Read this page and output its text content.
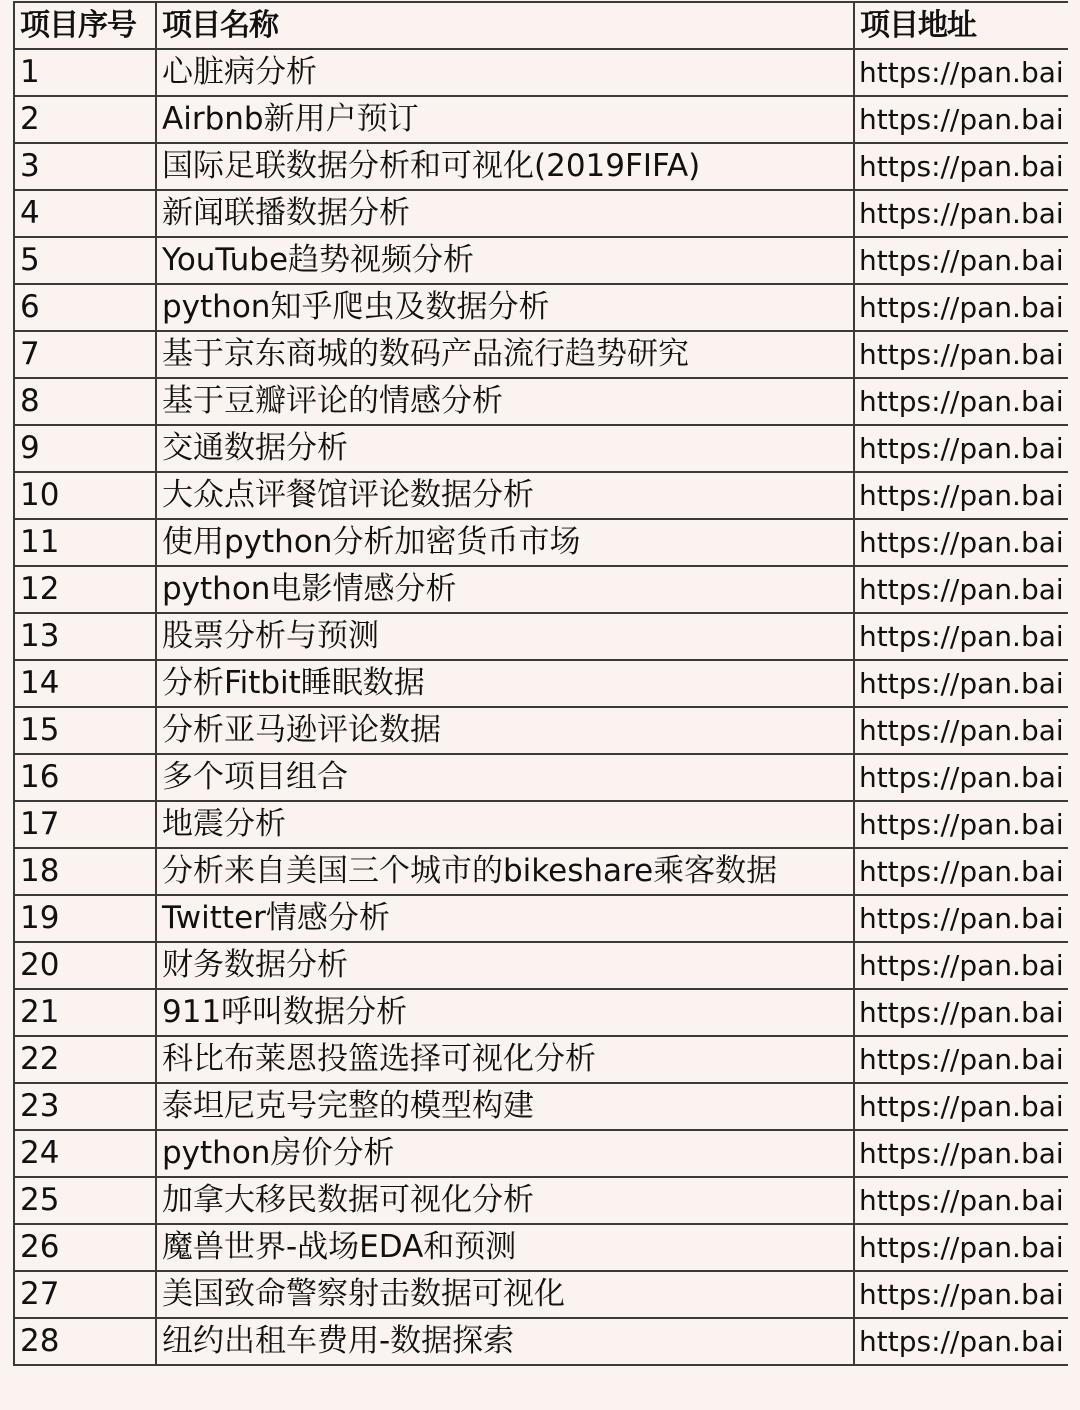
项目序号	项目名称	项目地址
1	心脏病分析	https://pan.bai
2	Airbnb新用户预订	https://pan.bai
3	国际足联数据分析和可视化(2019FIFA)	https://pan.bai
4	新闻联播数据分析	https://pan.bai
5	YouTube趋势视频分析	https://pan.bai
6	python知乎爬虫及数据分析	https://pan.bai
7	基于京东商城的数码产品流行趋势研究	https://pan.bai
8	基于豆瓣评论的情感分析	https://pan.bai
9	交通数据分析	https://pan.bai
10	大众点评餐馆评论数据分析	https://pan.bai
11	使用python分析加密货币市场	https://pan.bai
12	python电影情感分析	https://pan.bai
13	股票分析与预测	https://pan.bai
14	分析Fitbit睡眠数据	https://pan.bai
15	分析亚马逊评论数据	https://pan.bai
16	多个项目组合	https://pan.bai
17	地震分析	https://pan.bai
18	分析来自美国三个城市的bikeshare乘客数据	https://pan.bai
19	Twitter情感分析	https://pan.bai
20	财务数据分析	https://pan.bai
21	911呼叫数据分析	https://pan.bai
22	科比布莱恩投篮选择可视化分析	https://pan.bai
23	泰坦尼克号完整的模型构建	https://pan.bai
24	python房价分析	https://pan.bai
25	加拿大移民数据可视化分析	https://pan.bai
26	魔兽世界-战场EDA和预测	https://pan.bai
27	美国致命警察射击数据可视化	https://pan.bai
28	纽约出租车费用-数据探索	https://pan.bai
